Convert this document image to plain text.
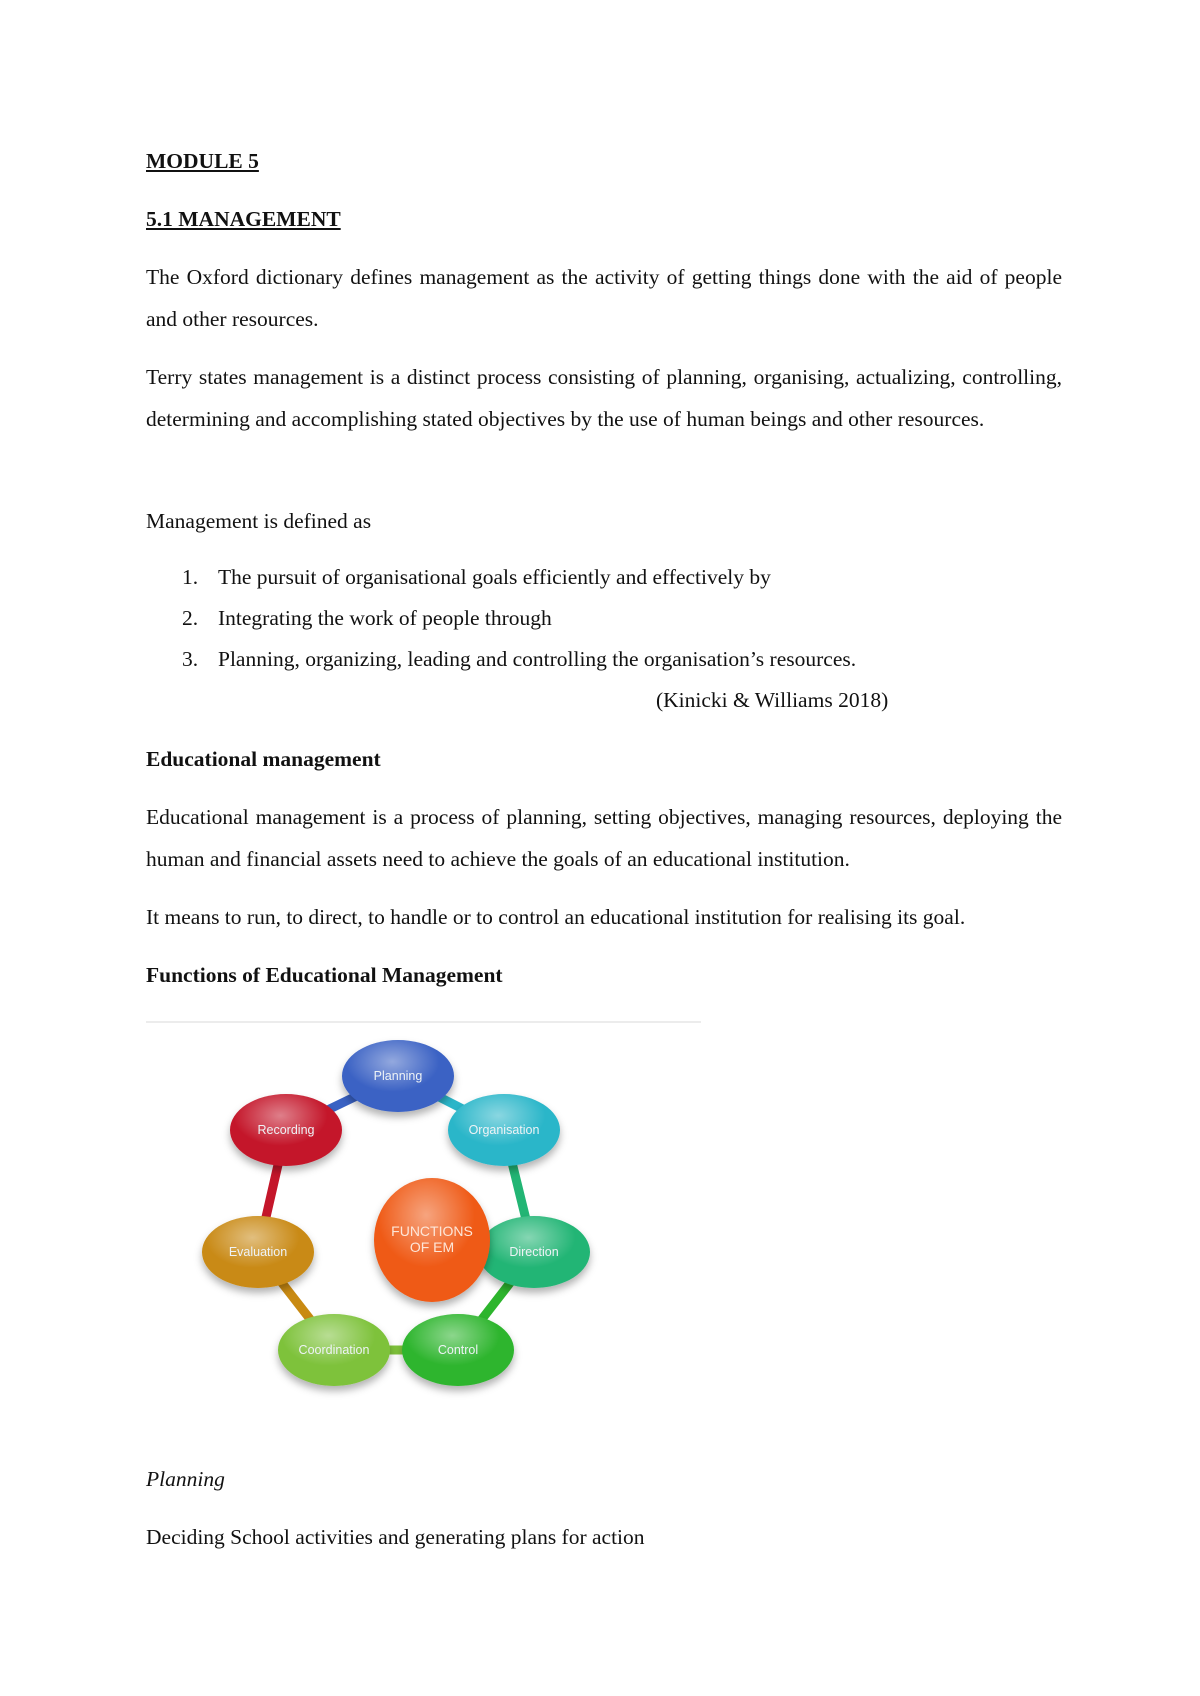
MODULE 5

5.1 MANAGEMENT

The Oxford dictionary defines management as the activity of getting things done with the aid of people and other resources.

Terry states management is a distinct process consisting of planning, organising, actualizing, controlling, determining and accomplishing stated objectives by the use of human beings and other resources.

Management is defined as

1. The pursuit of organisational goals efficiently and effectively by
2. Integrating the work of people through
3. Planning, organizing, leading and controlling the organisation’s resources.
(Kinicki & Williams 2018)

Educational management

Educational management is a process of planning, setting objectives, managing resources, deploying the human and financial assets need to achieve the goals of an educational institution.

It means to run, to direct, to handle or to control an educational institution for realising its goal.

Functions of Educational Management

Planning
Organisation
Direction
Control
Coordination
Evaluation
Recording
FUNCTIONS
OF EM

Planning

Deciding School activities and generating plans for action
